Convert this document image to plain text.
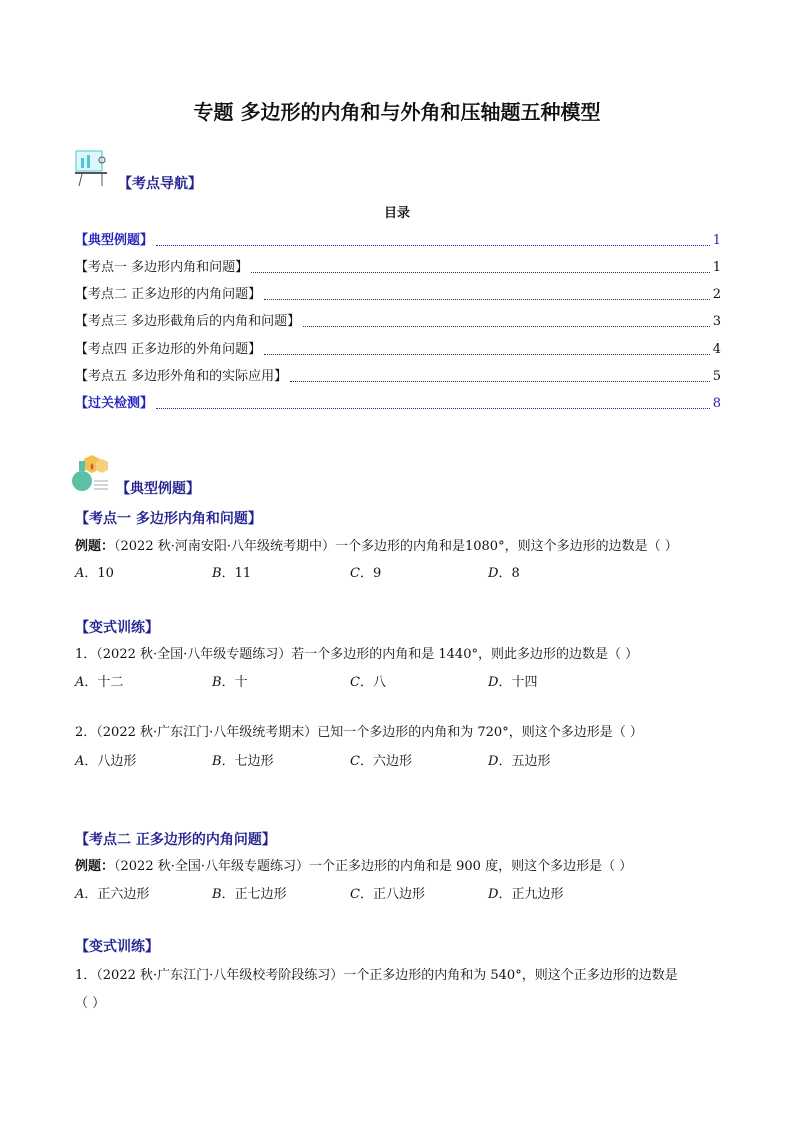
专题 多边形的内角和与外角和压轴题五种模型
【考点导航】
目录
【典型例题】	1
【考点一 多边形内角和问题】	1
【考点二 正多边形的内角问题】	2
【考点三 多边形截角后的内角和问题】	3
【考点四 正多边形的外角问题】	4
【考点五 多边形外角和的实际应用】	5
【过关检测】	8
【典型例题】
【考点一 多边形内角和问题】
例题：（2022 秋·河南安阳·八年级统考期中）一个多边形的内角和是1080°，则这个多边形的边数是（ ）
A．10	B．11	C．9	D．8
【变式训练】
1．（2022 秋·全国·八年级专题练习）若一个多边形的内角和是 1440°，则此多边形的边数是（ ）
A．十二	B．十	C．八	D．十四
2．（2022 秋·广东江门·八年级统考期末）已知一个多边形的内角和为 720°，则这个多边形是（ ）
A．八边形	B．七边形	C．六边形	D．五边形
【考点二 正多边形的内角问题】
例题：（2022 秋·全国·八年级专题练习）一个正多边形的内角和是 900 度，则这个多边形是（ ）
A．正六边形	B．正七边形	C．正八边形	D．正九边形
【变式训练】
1．（2022 秋·广东江门·八年级校考阶段练习）一个正多边形的内角和为 540°，则这个正多边形的边数是
（ ）
